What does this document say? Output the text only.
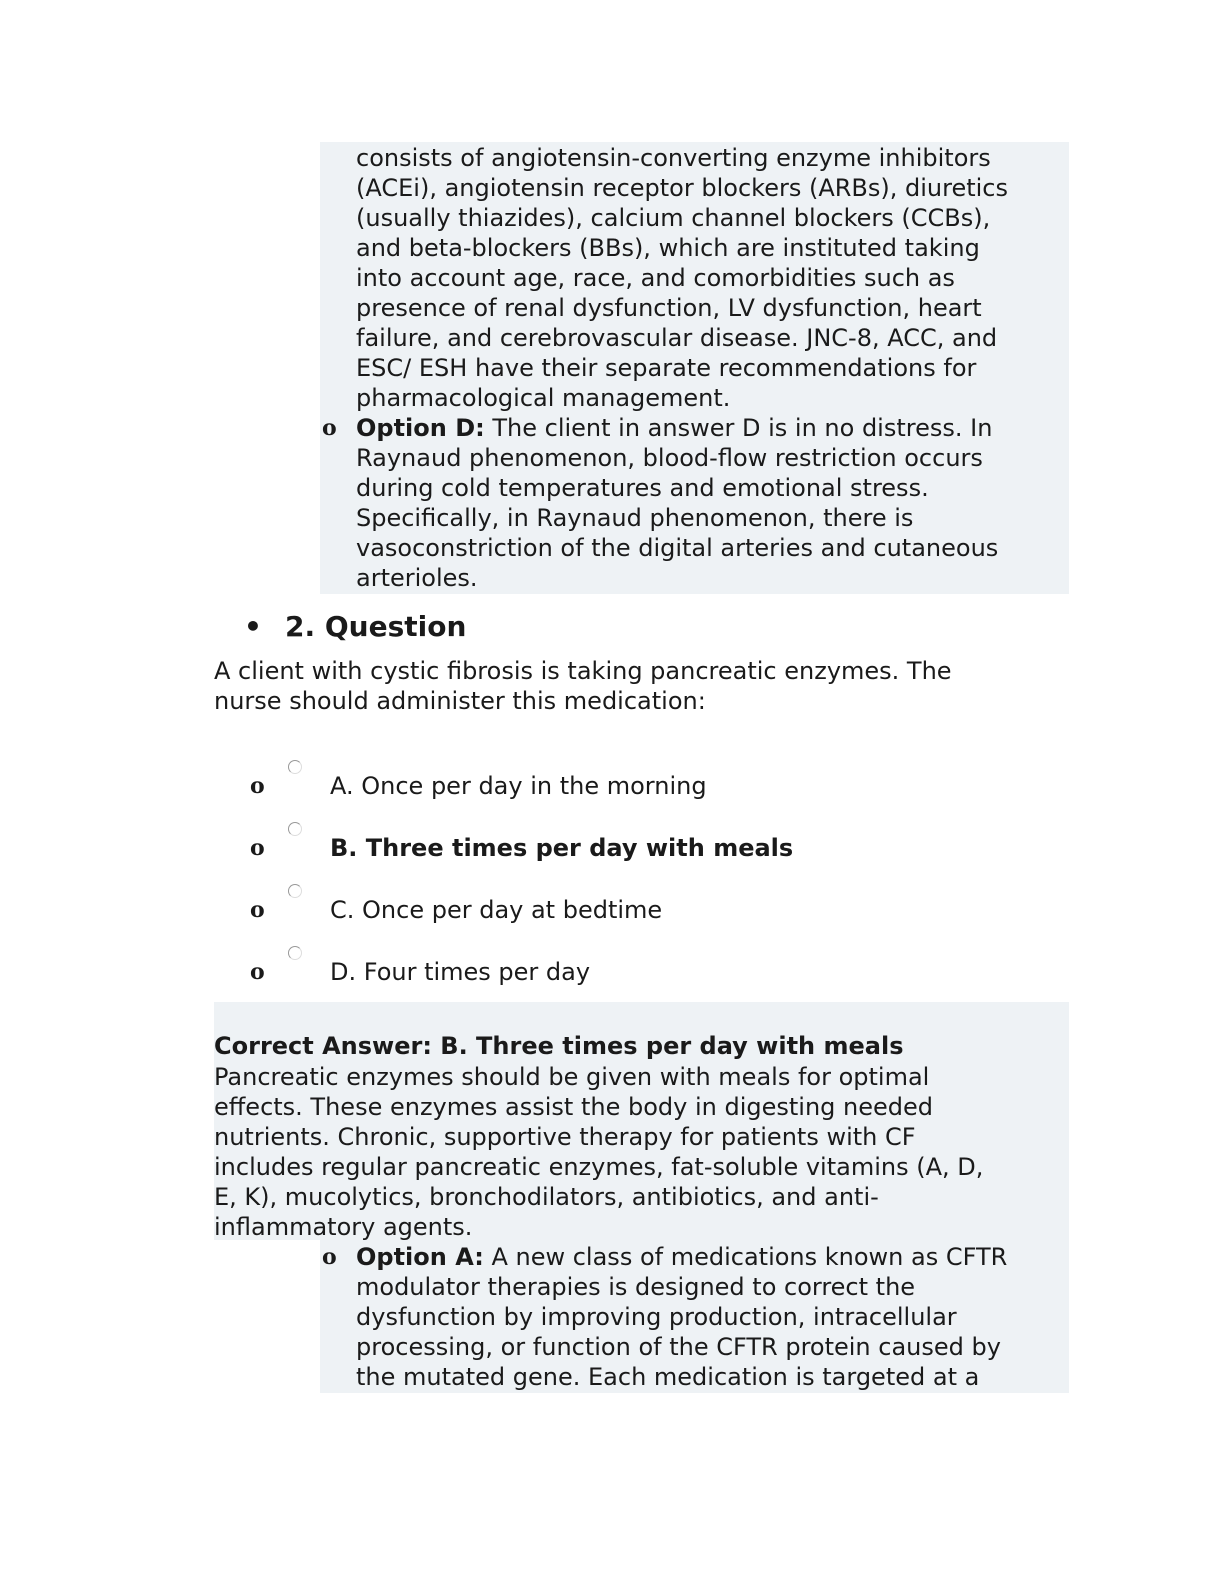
consists of angiotensin-converting enzyme inhibitors
(ACEi), angiotensin receptor blockers (ARBs), diuretics
(usually thiazides), calcium channel blockers (CCBs),
and beta-blockers (BBs), which are instituted taking
into account age, race, and comorbidities such as
presence of renal dysfunction, LV dysfunction, heart
failure, and cerebrovascular disease. JNC-8, ACC, and
ESC/ ESH have their separate recommendations for
pharmacological management.
o Option D: The client in answer D is in no distress. In
Raynaud phenomenon, blood-flow restriction occurs
during cold temperatures and emotional stress.
Specifically, in Raynaud phenomenon, there is
vasoconstriction of the digital arteries and cutaneous
arterioles.
• 2. Question
A client with cystic fibrosis is taking pancreatic enzymes. The
nurse should administer this medication:
o	A. Once per day in the morning
o	B. Three times per day with meals
o	C. Once per day at bedtime
o	D. Four times per day
Correct Answer: B. Three times per day with meals
Pancreatic enzymes should be given with meals for optimal
effects. These enzymes assist the body in digesting needed
nutrients. Chronic, supportive therapy for patients with CF
includes regular pancreatic enzymes, fat-soluble vitamins (A, D,
E, K), mucolytics, bronchodilators, antibiotics, and anti-
inflammatory agents.
o Option A: A new class of medications known as CFTR
modulator therapies is designed to correct the
dysfunction by improving production, intracellular
processing, or function of the CFTR protein caused by
the mutated gene. Each medication is targeted at a
